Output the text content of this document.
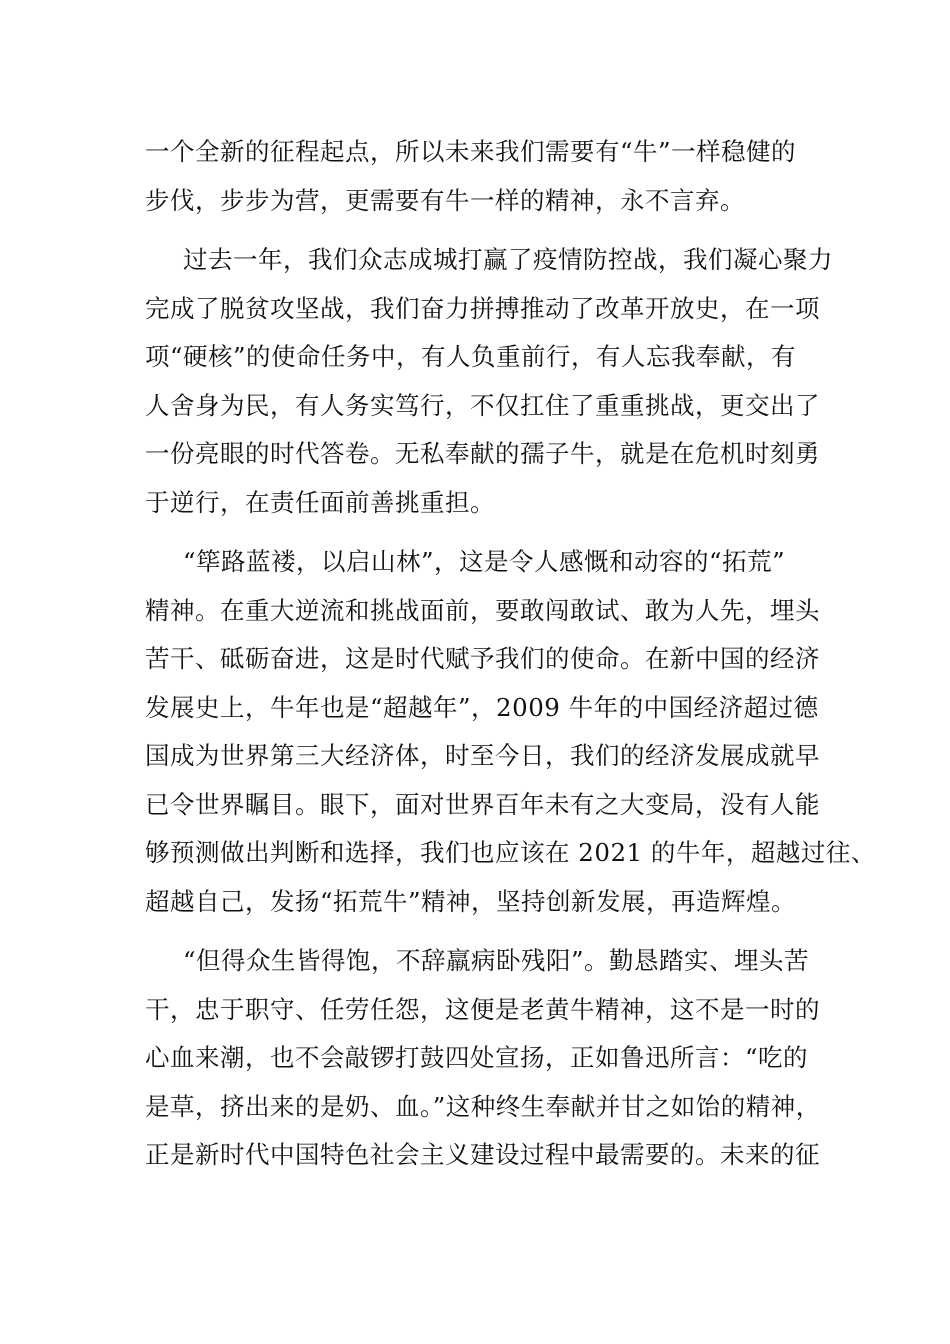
一个全新的征程起点，所以未来我们需要有“牛”一样稳健的
步伐，步步为营，更需要有牛一样的精神，永不言弃。
过去一年，我们众志成城打赢了疫情防控战，我们凝心聚力
完成了脱贫攻坚战，我们奋力拼搏推动了改革开放史，在一项
项“硬核”的使命任务中，有人负重前行，有人忘我奉献，有
人舍身为民，有人务实笃行，不仅扛住了重重挑战，更交出了
一份亮眼的时代答卷。无私奉献的孺子牛，就是在危机时刻勇
于逆行，在责任面前善挑重担。
“筚路蓝褛，以启山林”，这是令人感慨和动容的“拓荒”
精神。在重大逆流和挑战面前，要敢闯敢试、敢为人先，埋头
苦干、砥砺奋进，这是时代赋予我们的使命。在新中国的经济
发展史上，牛年也是“超越年”，2009 牛年的中国经济超过德
国成为世界第三大经济体，时至今日，我们的经济发展成就早
已令世界瞩目。眼下，面对世界百年未有之大变局，没有人能
够预测做出判断和选择，我们也应该在 2021 的牛年，超越过往、
超越自己，发扬“拓荒牛”精神，坚持创新发展，再造辉煌。
“但得众生皆得饱，不辞羸病卧残阳”。勤恳踏实、埋头苦
干，忠于职守、任劳任怨，这便是老黄牛精神，这不是一时的
心血来潮，也不会敲锣打鼓四处宣扬，正如鲁迅所言：“吃的
是草，挤出来的是奶、血。”这种终生奉献并甘之如饴的精神，
正是新时代中国特色社会主义建设过程中最需要的。未来的征
